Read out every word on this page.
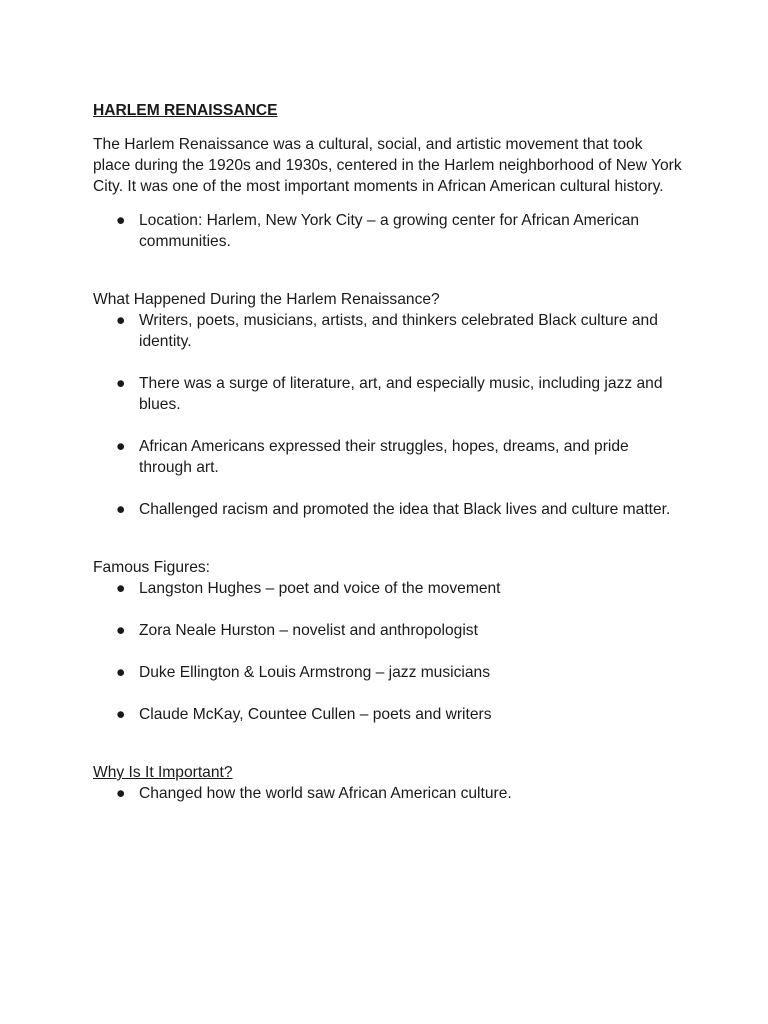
HARLEM RENAISSANCE

The Harlem Renaissance was a cultural, social, and artistic movement that took place during the 1920s and 1930s, centered in the Harlem neighborhood of New York City. It was one of the most important moments in African American cultural history.

● Location: Harlem, New York City – a growing center for African American communities.

What Happened During the Harlem Renaissance?

● Writers, poets, musicians, artists, and thinkers celebrated Black culture and identity.
● There was a surge of literature, art, and especially music, including jazz and blues.
● African Americans expressed their struggles, hopes, dreams, and pride through art.
● Challenged racism and promoted the idea that Black lives and culture matter.

Famous Figures:

● Langston Hughes – poet and voice of the movement
● Zora Neale Hurston – novelist and anthropologist
● Duke Ellington & Louis Armstrong – jazz musicians
● Claude McKay, Countee Cullen – poets and writers

Why Is It Important?

● Changed how the world saw African American culture.
